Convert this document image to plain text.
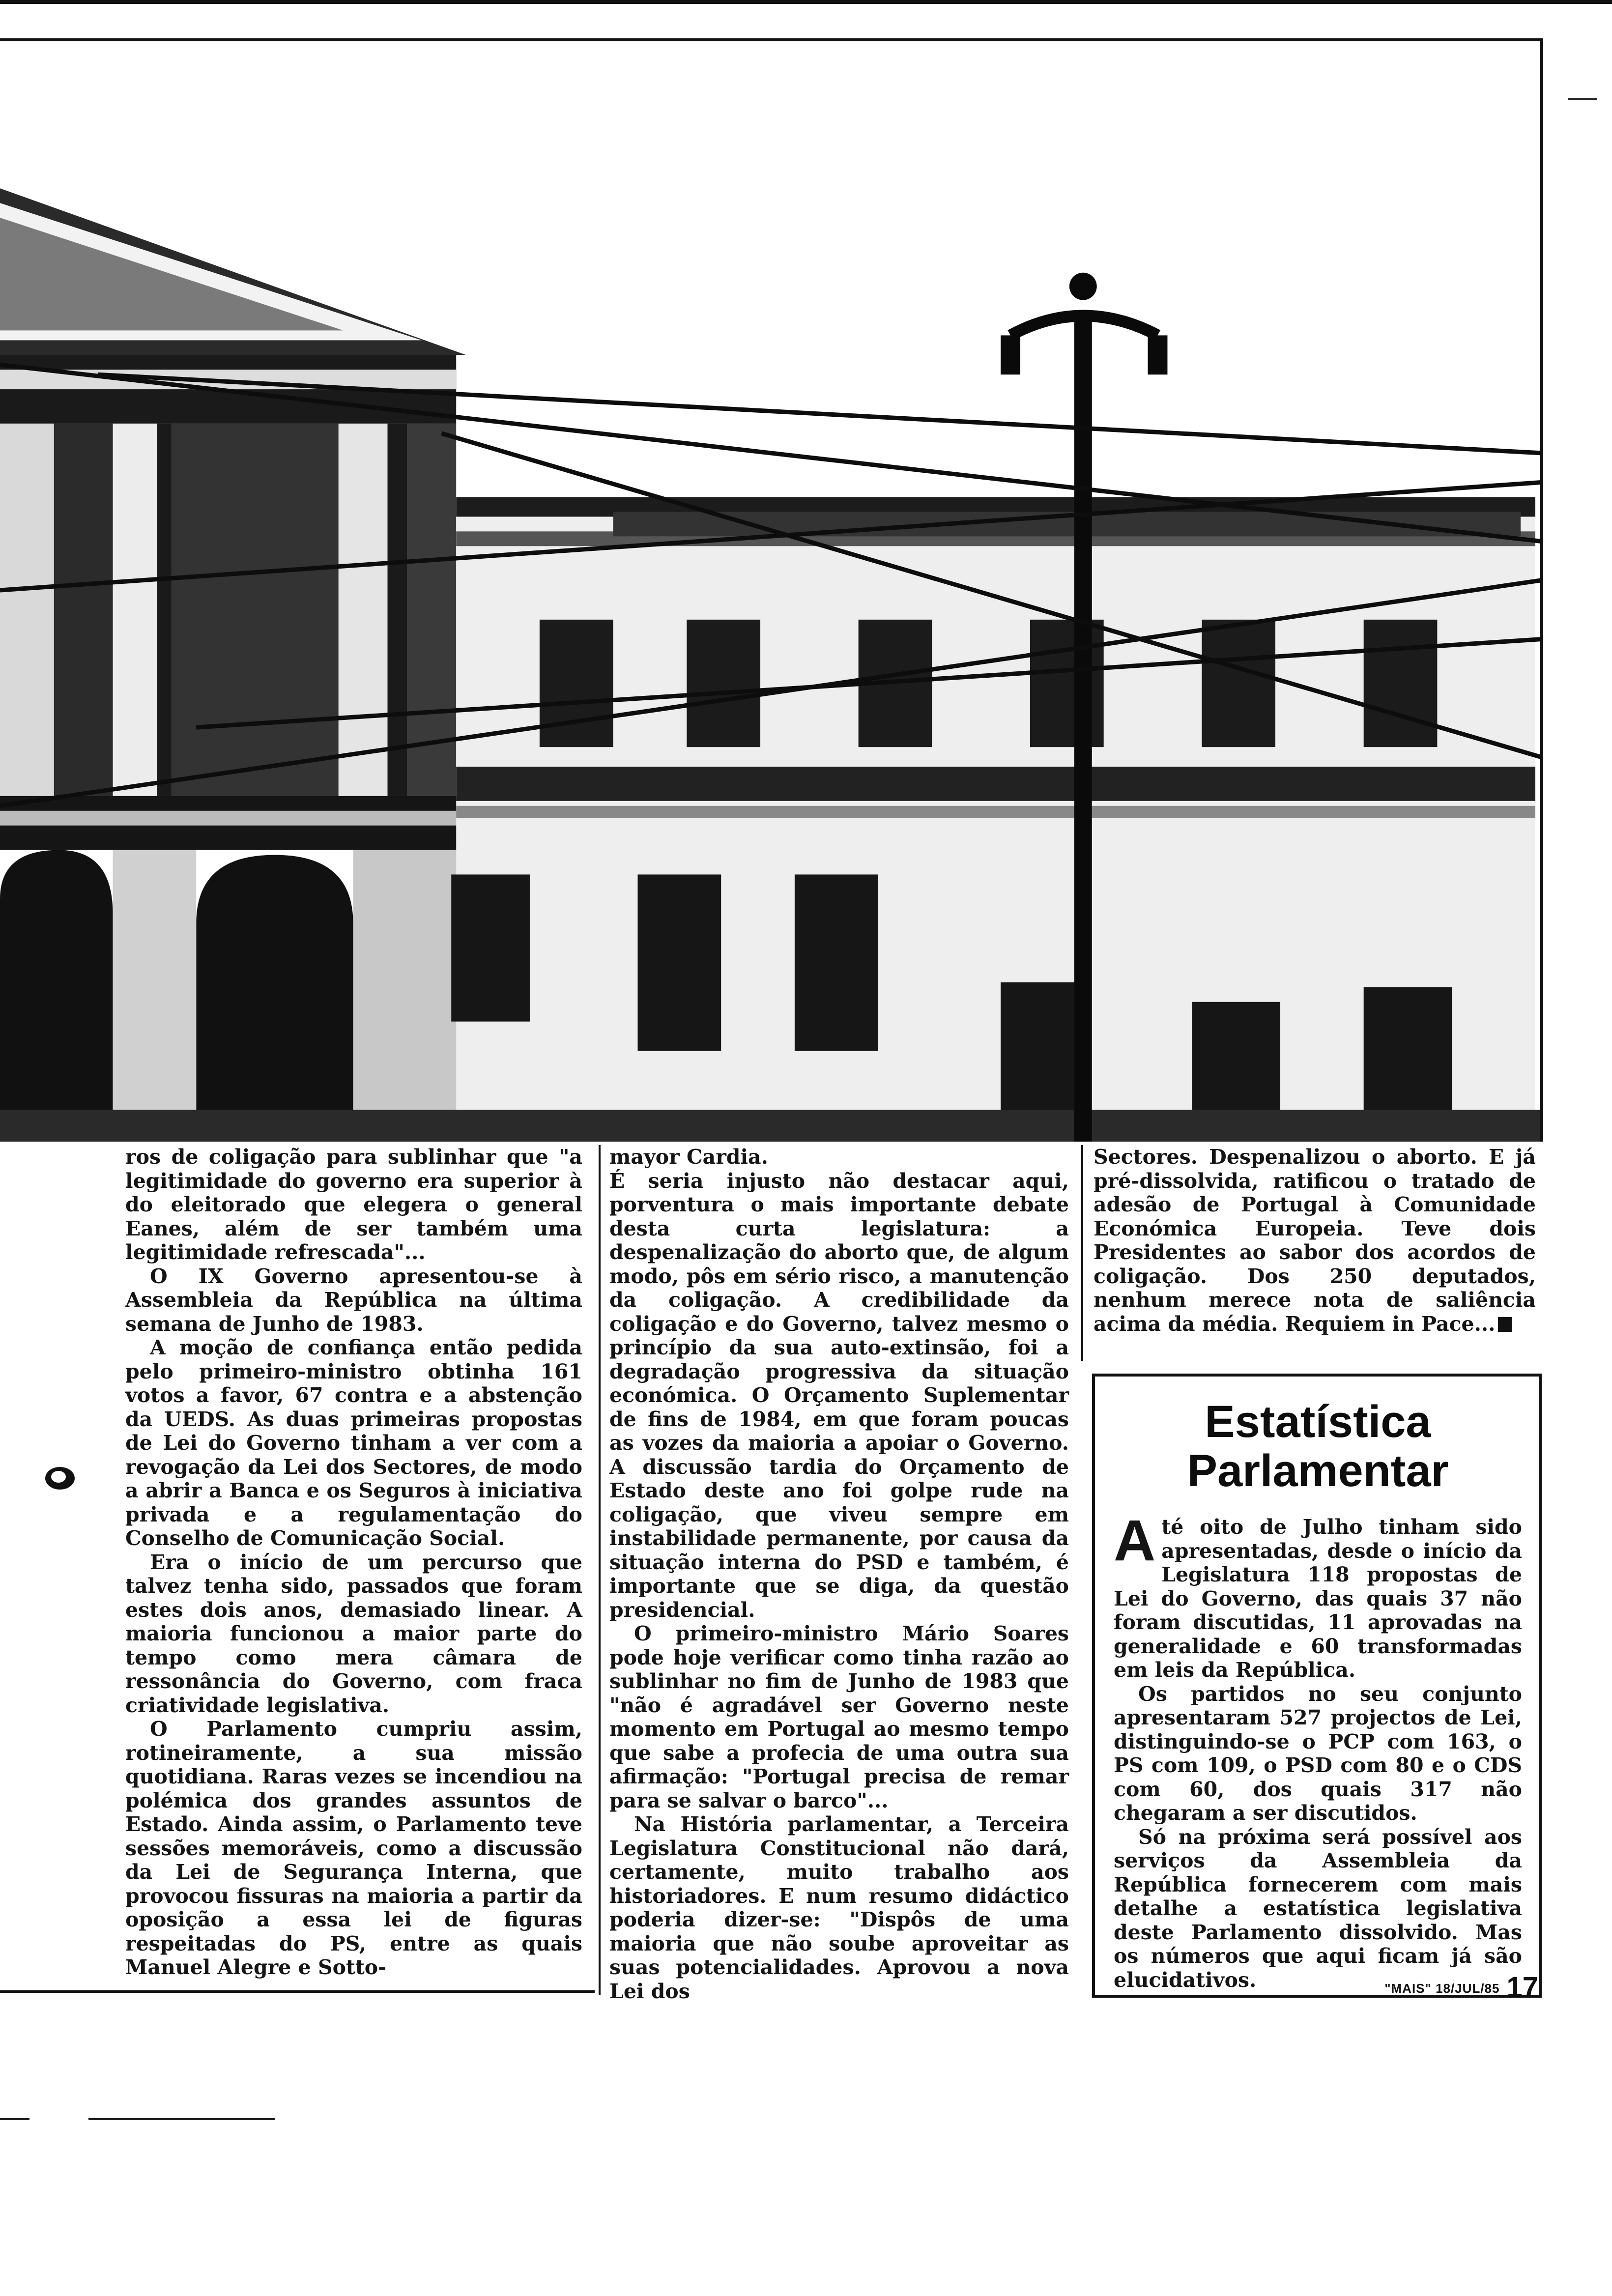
ros de coligação para sublinhar que "a legitimidade do governo era superior à do eleitorado que elegera o general Eanes, além de ser também uma legitimidade refrescada"...

O IX Governo apresentou-se à Assembleia da República na última semana de Junho de 1983.

A moção de confiança então pedida pelo primeiro-ministro obtinha 161 votos a favor, 67 contra e a abstenção da UEDS. As duas primeiras propostas de Lei do Governo tinham a ver com a revogação da Lei dos Sectores, de modo a abrir a Banca e os Seguros à iniciativa privada e a regulamentação do Conselho de Comunicação Social.

Era o início de um percurso que talvez tenha sido, passados que foram estes dois anos, demasiado linear. A maioria funcionou a maior parte do tempo como mera câmara de ressonância do Governo, com fraca criatividade legislativa.

O Parlamento cumpriu assim, rotineiramente, a sua missão quotidiana. Raras vezes se incendiou na polémica dos grandes assuntos de Estado. Ainda assim, o Parlamento teve sessões memoráveis, como a discussão da Lei de Segurança Interna, que provocou fissuras na maioria a partir da oposição a essa lei de figuras respeitadas do PS, entre as quais Manuel Alegre e Sotto-

mayor Cardia.

É seria injusto não destacar aqui, porventura o mais importante debate desta curta legislatura: a despenalização do aborto que, de algum modo, pôs em sério risco, a manutenção da coligação. A credibilidade da coligação e do Governo, talvez mesmo o princípio da sua auto-extinsão, foi a degradação progressiva da situação económica. O Orçamento Suplementar de fins de 1984, em que foram poucas as vozes da maioria a apoiar o Governo. A discussão tardia do Orçamento de Estado deste ano foi golpe rude na coligação, que viveu sempre em instabilidade permanente, por causa da situação interna do PSD e também, é importante que se diga, da questão presidencial.

O primeiro-ministro Mário Soares pode hoje verificar como tinha razão ao sublinhar no fim de Junho de 1983 que "não é agradável ser Governo neste momento em Portugal ao mesmo tempo que sabe a profecia de uma outra sua afirmação: "Portugal precisa de remar para se salvar o barco"...

Na História parlamentar, a Terceira Legislatura Constitucional não dará, certamente, muito trabalho aos historiadores. E num resumo didáctico poderia dizer-se: "Dispôs de uma maioria que não soube aproveitar as suas potencialidades. Aprovou a nova Lei dos

Sectores. Despenalizou o aborto. E já pré-dissolvida, ratificou o tratado de adesão de Portugal à Comunidade Económica Europeia. Teve dois Presidentes ao sabor dos acordos de coligação. Dos 250 deputados, nenhum merece nota de saliência acima da média. Requiem in Pace...

Estatística
Parlamentar

Até oito de Julho tinham sido apresentadas, desde o início da Legislatura 118 propostas de Lei do Governo, das quais 37 não foram discutidas, 11 aprovadas na generalidade e 60 transformadas em leis da República.

Os partidos no seu conjunto apresentaram 527 projectos de Lei, distinguindo-se o PCP com 163, o PS com 109, o PSD com 80 e o CDS com 60, dos quais 317 não chegaram a ser discutidos.

Só na próxima será possível aos serviços da Assembleia da República fornecerem com mais detalhe a estatística legislativa deste Parlamento dissolvido. Mas os números que aqui ficam já são elucidativos.	"MAIS" 18/JUL/85 17
